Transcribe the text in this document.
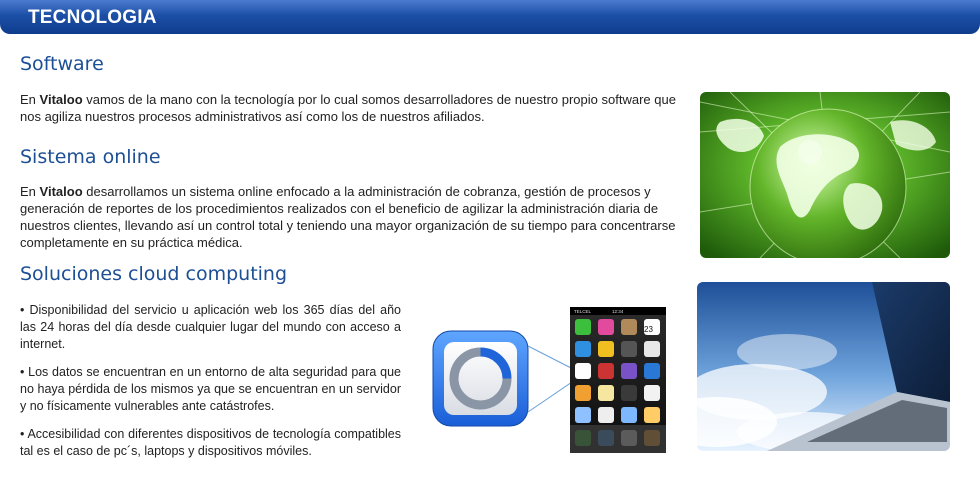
TECNOLOGIA
Software
En Vitaloo vamos de la mano con la tecnología por lo cual somos desarrolladores de nuestro propio software que nos agiliza nuestros procesos administrativos así como los de nuestros afiliados.
Sistema online
En Vitaloo desarrollamos un sistema online enfocado a la administración de cobranza, gestión de procesos y generación de reportes de los procedimientos realizados con el beneficio de agilizar la administración diaria de nuestros clientes, llevando así un control total y teniendo una mayor organización de su tiempo para concentrarse completamente en su práctica médica.
Soluciones cloud computing
• Disponibilidad del servicio u aplicación web los 365 días del año las 24 horas del día desde cualquier lugar del mundo con acceso a internet.
• Los datos se encuentran en un entorno de alta seguridad para que no haya pérdida de los mismos ya que se encuentran en un servidor y no físicamente vulnerables ante catástrofes.
• Accesibilidad con diferentes dispositivos de tecnología compatibles tal es el caso de pc´s, laptops y dispositivos móviles.
TELCEL	12:34
23
